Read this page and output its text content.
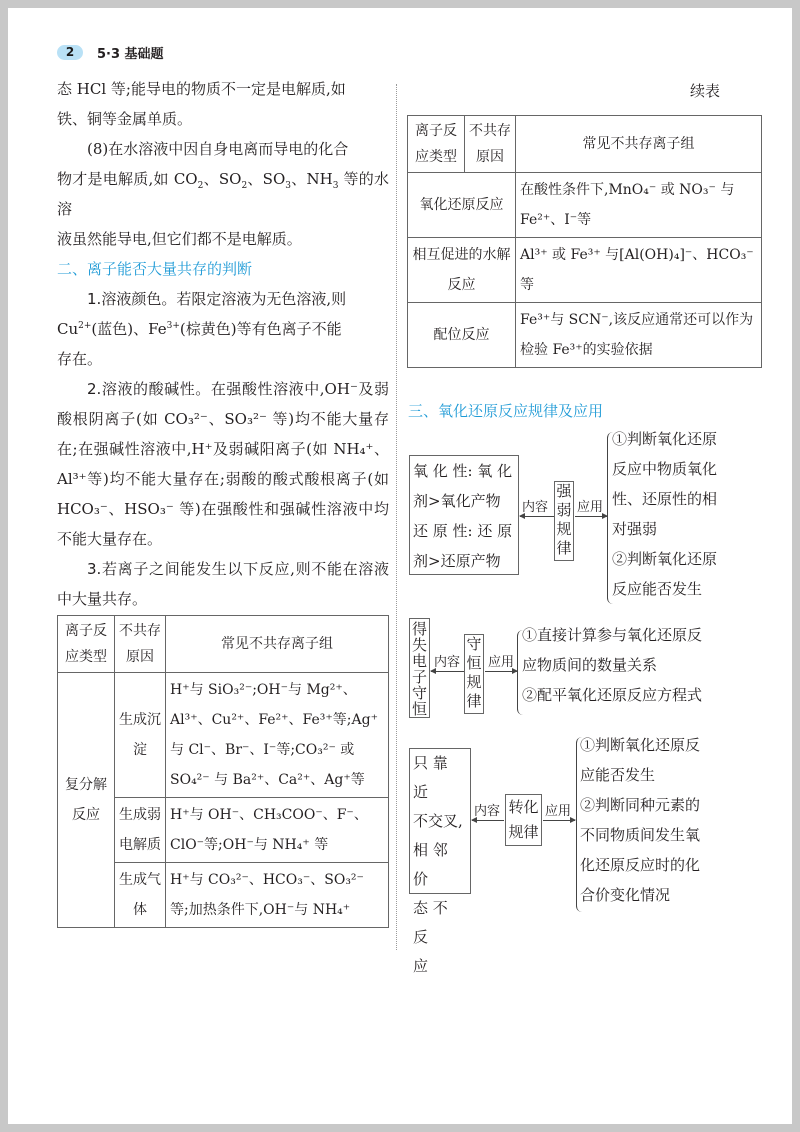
2	5·3 基础题

态 HCl 等;能导电的物质不一定是电解质,如

铁、铜等金属单质。

(8)在水溶液中因自身电离而导电的化合

物才是电解质,如 $CO_2$、$SO_2$、$SO_3$、$NH_3$ 等的水溶

液虽然能导电,但它们都不是电解质。

二、离子能否大量共存的判断

1.溶液颜色。若限定溶液为无色溶液,则

$Cu^{2+}$(蓝色)、$Fe^{3+}$(棕黄色)等有色离子不能

存在。

2.溶液的酸碱性。在强酸性溶液中,OH⁻及弱酸根阴离子(如 CO₃²⁻、SO₃²⁻ 等)均不能大量存在;在强碱性溶液中,H⁺及弱碱阳离子(如 NH₄⁺、Al³⁺等)均不能大量存在;弱酸的酸式酸根离子(如 HCO₃⁻、HSO₃⁻ 等)在强酸性和强碱性溶液中均不能大量存在。

3.若离子之间能发生以下反应,则不能在溶液中大量共存。

离子反应类型	不共存原因	常见不共存离子组
复分解反应	生成沉淀	H⁺与 SiO₃²⁻;OH⁻与 Mg²⁺、Al³⁺、Cu²⁺、Fe²⁺、Fe³⁺等;Ag⁺与 Cl⁻、Br⁻、I⁻等;CO₃²⁻ 或 SO₄²⁻ 与 Ba²⁺、Ca²⁺、Ag⁺等
	生成弱电解质	H⁺与 OH⁻、CH₃COO⁻、F⁻、ClO⁻等;OH⁻与 NH₄⁺ 等
	生成气体	H⁺与 CO₃²⁻、HCO₃⁻、SO₃²⁻ 等;加热条件下,OH⁻与 NH₄⁺
续表
离子反应类型	不共存原因	常见不共存离子组
氧化还原反应		在酸性条件下,MnO₄⁻ 或 NO₃⁻ 与 Fe²⁺、I⁻等
相互促进的水解反应		Al³⁺ 或 Fe³⁺ 与[Al(OH)₄]⁻、HCO₃⁻ 等
配位反应		Fe³⁺与 SCN⁻,该反应通常还可以作为检验 Fe³⁺的实验依据
三、氧化还原反应规律及应用
氧 化 性: 氧 化
剂>氧化产物
还 原 性: 还 原
剂>还原产物
内容
强
弱
规
律
应用
①判断氧化还原
反应中物质氧化
性、还原性的相
对强弱
②判断氧化还原
反应能否发生
得
失
电
子
守
恒
内容
守
恒
规
律
应用
①直接计算参与氧化还原反
应物质间的数量关系
②配平氧化还原反应方程式
只 靠 近
不交叉,
相 邻 价
态 不 反
应
内容 转化
规律
应用
①判断氧化还原反
应能否发生
②判断同种元素的
不同物质间发生氧
化还原反应时的化
合价变化情况
